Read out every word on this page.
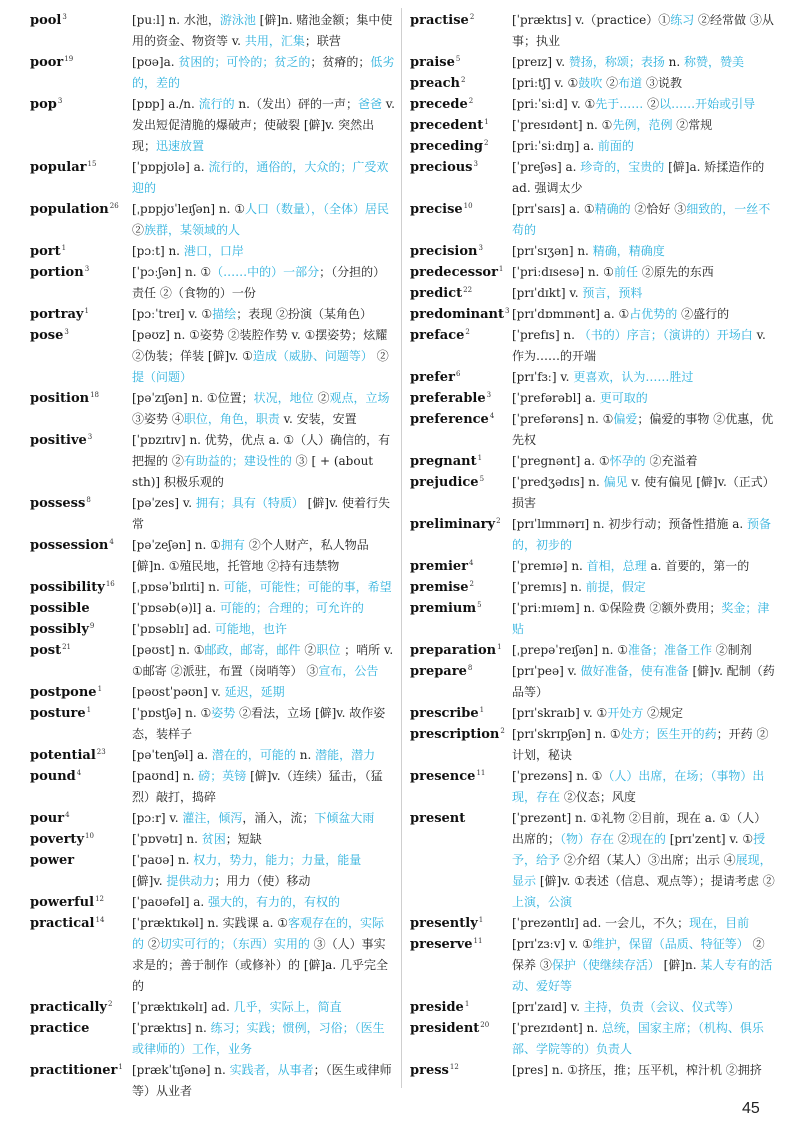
pool$^3$	[puːl] n. 水池，游泳池 [僻]n. 赌池金额；集中使用的资金、物资等 v. 共用，汇集；联营
poor$^{19}$	[pʊə]a. 贫困的；可怜的；贫乏的；贫瘠的；低劣的，差的
pop$^3$	[pɒp] a./n. 流行的 n.（发出）砰的一声；爸爸 v. 发出短促清脆的爆破声；使破裂 [僻]v. 突然出现；迅速放置
popular$^{15}$	[ˈpɒpjʊlə] a. 流行的，通俗的，大众的；广受欢迎的
population$^{26}$	[ˌpɒpjʊˈleɪʃən] n. ①人口（数量），（全体）居民 ②族群，某领域的人
port$^1$	[pɔːt] n. 港口，口岸
portion$^3$	[ˈpɔːʃən] n. ①（……中的）一部分；（分担的）责任 ②（食物的）一份
portray$^1$	[pɔːˈtreɪ] v. ①描绘；表现 ②扮演（某角色）
pose$^3$	[pəʊz] n. ①姿势 ②装腔作势 v. ①摆姿势；炫耀 ②伪装；佯装 [僻]v. ①造成（威胁、问题等） ②提（问题）
position$^{18}$	[pəˈzɪʃən] n. ①位置；状况，地位 ②观点，立场 ③姿势 ④职位，角色，职责 v. 安装，安置
positive$^3$	[ˈpɒzɪtɪv] n. 优势，优点 a. ①（人）确信的，有把握的 ②有助益的；建设性的 ③ [ + (about sth)] 积极乐观的
possess$^8$	[pəˈzes] v. 拥有；具有（特质） [僻]v. 使着行失常
possession$^4$	[pəˈzeʃən] n. ①拥有 ②个人财产，私人物品 [僻]n. ①殖民地，托管地 ②持有违禁物
possibility$^{16}$	[ˌpɒsəˈbɪlɪti] n. 可能，可能性；可能的事，希望
possible	[ˈpɒsəb(ə)l] a. 可能的；合理的；可允许的
possibly$^9$	[ˈpɒsəblɪ] ad. 可能地，也许
post$^{21}$	[pəʊst] n. ①邮政，邮寄，邮件 ②职位 ；哨所 v. ①邮寄 ②派驻，布置（岗哨等） ③宣布，公告
postpone$^1$	[pəʊstˈpəʊn] v. 延迟，延期
posture$^1$	[ˈpɒstʃə] n. ①姿势 ②看法，立场 [僻]v. 故作姿态，装样子
potential$^{23}$	[pəˈtenʃəl] a. 潜在的，可能的 n. 潜能，潜力
pound$^4$	[paʊnd] n. 磅；英镑 [僻]v.（连续）猛击，（猛烈）敲打，捣碎
pour$^4$	[pɔːr] v. 灌注，倾泻，涌入，流；下倾盆大雨
poverty$^{10}$	[ˈpɒvətɪ] n. 贫困；短缺
power	[ˈpaʊə] n. 权力，势力，能力；力量，能量 [僻]v. 提供动力；用力（使）移动
powerful$^{12}$	[ˈpaʊəfəl] a. 强大的，有力的，有权的
practical$^{14}$	[ˈpræktɪkəl] n. 实践课 a. ①客观存在的，实际的 ②切实可行的；（东西）实用的 ③（人）事实求是的；善于制作（或修补）的 [僻]a. 几乎完全的
practically$^2$	[ˈpræktɪkəlɪ] ad. 几乎，实际上，简直
practice	[ˈpræktɪs] n. 练习；实践；惯例，习俗；（医生或律师的）工作，业务
practitioner$^1$ [prækˈtɪʃənə] n. 实践者，从事者；（医生或律师等）从业者
practise$^2$	[ˈpræktɪs] v.（practice）①练习 ②经常做 ③从事；执业
praise$^5$	[preɪz] v. 赞扬，称颂；表扬 n. 称赞，赞美
preach$^2$	[priːtʃ] v. ①鼓吹 ②布道 ③说教
precede$^2$	[priːˈsiːd] v. ①先于…… ②以……开始或引导
precedent$^1$	[ˈpresɪdənt] n. ①先例，范例 ②常规
preceding$^2$	[priːˈsiːdɪŋ] a. 前面的
precious$^3$	[ˈpreʃəs] a. 珍奇的，宝贵的 [僻]a. 矫揉造作的 ad. 强调太少
precise$^{10}$	[prɪˈsaɪs] a. ①精确的 ②恰好 ③细致的，一丝不苟的
precision$^3$	[prɪˈsɪʒən] n. 精确，精确度
predecessor$^1$ [ˈpriːdɪsesə] n. ①前任 ②原先的东西
predict$^{22}$	[prɪˈdɪkt] v. 预言，预料
predominant$^3$ [prɪˈdɒmɪnənt] a. ①占优势的 ②盛行的
preface$^2$	[ˈprefɪs] n. （书的）序言；（演讲的）开场白 v. 作为……的开端
prefer$^6$	[prɪˈfɜː] v. 更喜欢，认为……胜过
preferable$^3$	[ˈprefərəbl] a. 更可取的
preference$^4$	[ˈprefərəns] n. ①偏爱；偏爱的事物 ②优惠，优先权
pregnant$^1$	[ˈpregnənt] a. ①怀孕的 ②充溢着
prejudice$^5$	[ˈpredʒədɪs] n. 偏见 v. 使有偏见 [僻]v.（正式）损害
preliminary$^2$ [prɪˈlɪmɪnərɪ] n. 初步行动；预备性措施 a. 预备的，初步的
premier$^4$	[ˈpremɪə] n. 首相，总理 a. 首要的，第一的
premise$^2$	[ˈpremɪs] n. 前提，假定
premium$^5$	[ˈpriːmɪəm] n. ①保险费 ②额外费用；奖金；津贴
preparation$^1$ [ˌprepəˈreɪʃən] n. ①准备；准备工作 ②制剂
prepare$^8$	[prɪˈpeə] v. 做好准备，使有准备 [僻]v. 配制（药品等）
prescribe$^1$	[prɪˈskraɪb] v. ①开处方 ②规定
prescription$^2$ [prɪˈskrɪpʃən] n. ①处方；医生开的药；开药 ②计划，秘诀
presence$^{11}$	[ˈprezəns] n. ①（人）出席，在场；（事物）出现，存在 ②仪态；风度
present	[ˈprezənt] n. ①礼物 ②目前，现在 a. ①（人）出席的；（物）存在 ②现在的 [prɪˈzent] v. ①授予，给予 ②介绍（某人）③出席；出示 ④展现，显示 [僻]v. ①表述（信息、观点等）；提请考虑 ②上演，公演
presently$^1$	[ˈprezəntlɪ] ad. 一会儿，不久；现在，目前
preserve$^{11}$	[prɪˈzɜːv] v. ①维护，保留（品质、特征等） ②保养 ③保护（使继续存活） [僻]n. 某人专有的活动、爱好等
preside$^1$	[prɪˈzaɪd] v. 主持，负责（会议、仪式等）
president$^{20}$	[ˈprezɪdənt] n. 总统，国家主席；（机构、俱乐部、学院等的）负责人
press$^{12}$	[pres] n. ①挤压，推；压平机，榨汁机 ②拥挤
45
